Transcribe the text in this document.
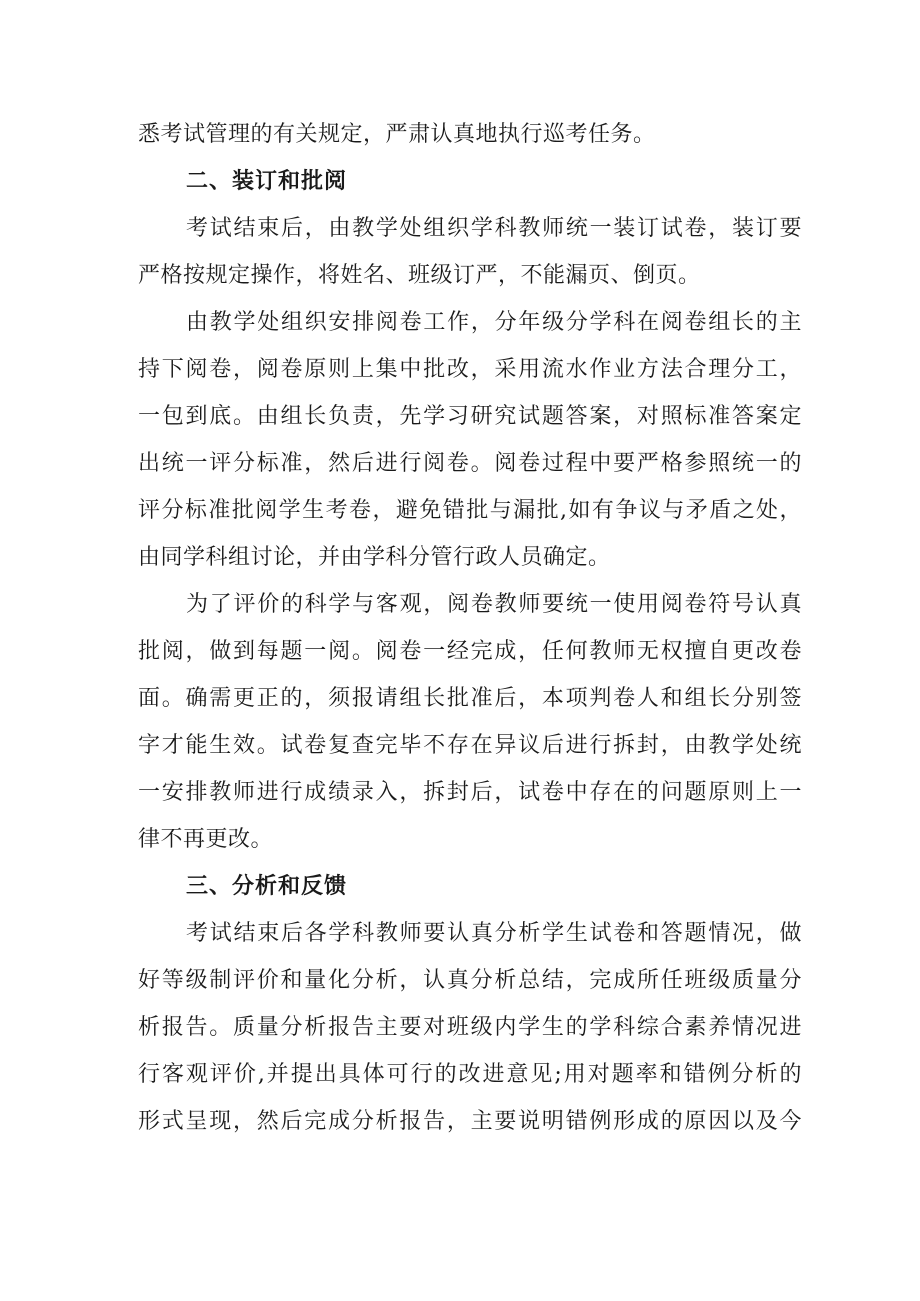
悉考试管理的有关规定，严肃认真地执行巡考任务。
二、装订和批阅
考试结束后，由教学处组织学科教师统一装订试卷，装订要
严格按规定操作，将姓名、班级订严，不能漏页、倒页。
由教学处组织安排阅卷工作，分年级分学科在阅卷组长的主
持下阅卷，阅卷原则上集中批改，采用流水作业方法合理分工，
一包到底。由组长负责，先学习研究试题答案，对照标准答案定
出统一评分标准，然后进行阅卷。阅卷过程中要严格参照统一的
评分标准批阅学生考卷，避免错批与漏批,如有争议与矛盾之处，
由同学科组讨论，并由学科分管行政人员确定。
为了评价的科学与客观，阅卷教师要统一使用阅卷符号认真
批阅，做到每题一阅。阅卷一经完成，任何教师无权擅自更改卷
面。确需更正的，须报请组长批准后，本项判卷人和组长分别签
字才能生效。试卷复查完毕不存在异议后进行拆封，由教学处统
一安排教师进行成绩录入，拆封后，试卷中存在的问题原则上一
律不再更改。
三、分析和反馈
考试结束后各学科教师要认真分析学生试卷和答题情况，做
好等级制评价和量化分析，认真分析总结，完成所任班级质量分
析报告。质量分析报告主要对班级内学生的学科综合素养情况进
行客观评价,并提出具体可行的改进意见;用对题率和错例分析的
形式呈现，然后完成分析报告，主要说明错例形成的原因以及今
